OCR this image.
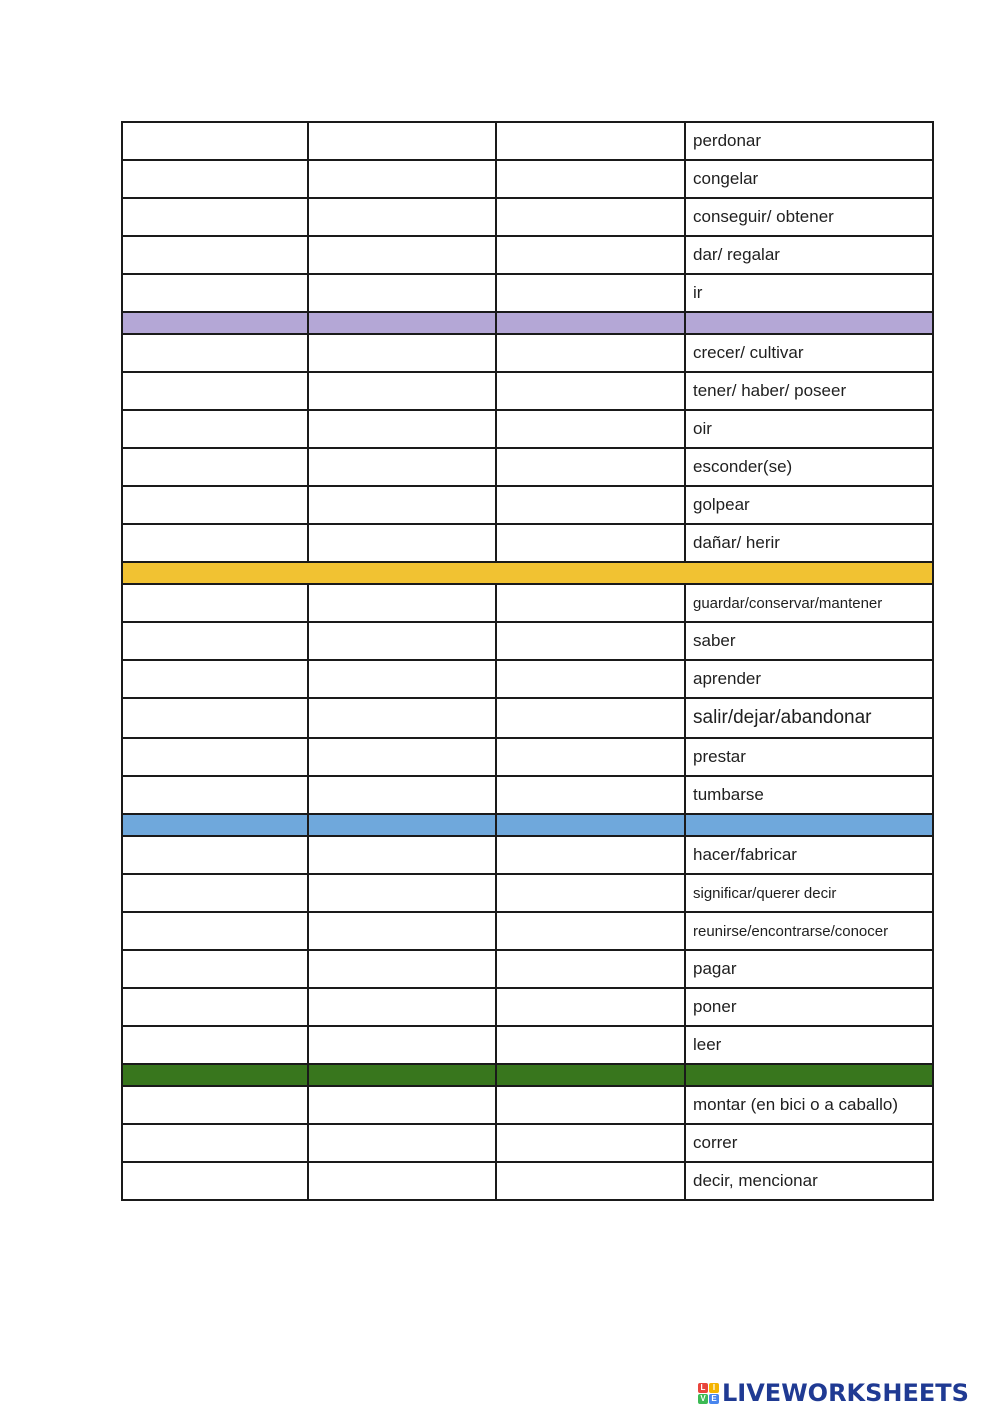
			perdonar
			congelar
			conseguir/ obtener
			dar/ regalar
			ir

			crecer/ cultivar
			tener/ haber/ poseer
			oir
			esconder(se)
			golpear
			dañar/ herir

			guardar/conservar/mantener
			saber
			aprender
			salir/dejar/abandonar
			prestar
			tumbarse

			hacer/fabricar
			significar/querer decir
			reunirse/encontrarse/conocer
			pagar
			poner
			leer

			montar (en bici o a caballo)
			correr
			decir, mencionar
L I
V E LIVEWORKSHEETS
